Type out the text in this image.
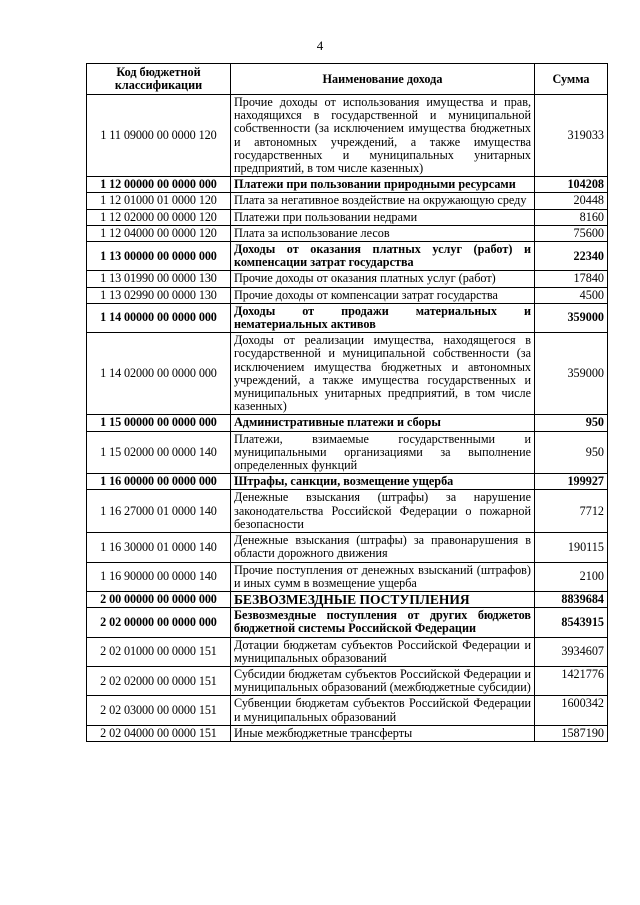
4
Код бюджетной классификации	Наименование дохода	Сумма
1 11 09000 00 0000 120	Прочие доходы от использования имущества и прав, находящихся в государственной и муниципальной собственности (за исключением имущества бюджетных и автономных учреждений, а также имущества государственных и муниципальных унитарных предприятий, в том числе казенных)	319033
1 12 00000 00 0000 000	Платежи при пользовании природными ресурсами	104208
1 12 01000 01 0000 120	Плата за негативное воздействие на окружающую среду	20448
1 12 02000 00 0000 120	Платежи при пользовании недрами	8160
1 12 04000 00 0000 120	Плата за использование лесов	75600
1 13 00000 00 0000 000	Доходы от оказания платных услуг (работ) и компенсации затрат государства	22340
1 13 01990 00 0000 130	Прочие доходы от оказания платных услуг (работ)	17840
1 13 02990 00 0000 130	Прочие доходы от компенсации затрат государства	4500
1 14 00000 00 0000 000	Доходы от продажи материальных и нематериальных активов	359000
1 14 02000 00 0000 000	Доходы от реализации имущества, находящегося в государственной и муниципальной собственности (за исключением имущества бюджетных и автономных учреждений, а также имущества государственных и муниципальных унитарных предприятий, в том числе казенных)	359000
1 15 00000 00 0000 000	Административные платежи и сборы	950
1 15 02000 00 0000 140	Платежи, взимаемые государственными и муниципальными организациями за выполнение определенных функций	950
1 16 00000 00 0000 000	Штрафы, санкции, возмещение ущерба	199927
1 16 27000 01 0000 140	Денежные взыскания (штрафы) за нарушение законодательства Российской Федерации о пожарной безопасности	7712
1 16 30000 01 0000 140	Денежные взыскания (штрафы) за правонарушения в области дорожного движения	190115
1 16 90000 00 0000 140	Прочие поступления от денежных взысканий (штрафов) и иных сумм в возмещение ущерба	2100
2 00 00000 00 0000 000	БЕЗВОЗМЕЗДНЫЕ ПОСТУПЛЕНИЯ	8839684
2 02 00000 00 0000 000	Безвозмездные поступления от других бюджетов бюджетной системы Российской Федерации	8543915
2 02 01000 00 0000 151	Дотации бюджетам субъектов Российской Федерации и муниципальных образований	3934607
2 02 02000 00 0000 151	Субсидии бюджетам субъектов Российской Федерации и муниципальных образований (межбюджетные субсидии)	1421776
2 02 03000 00 0000 151	Субвенции бюджетам субъектов Российской Федерации и муниципальных образований	1600342
2 02 04000 00 0000 151	Иные межбюджетные трансферты	1587190
